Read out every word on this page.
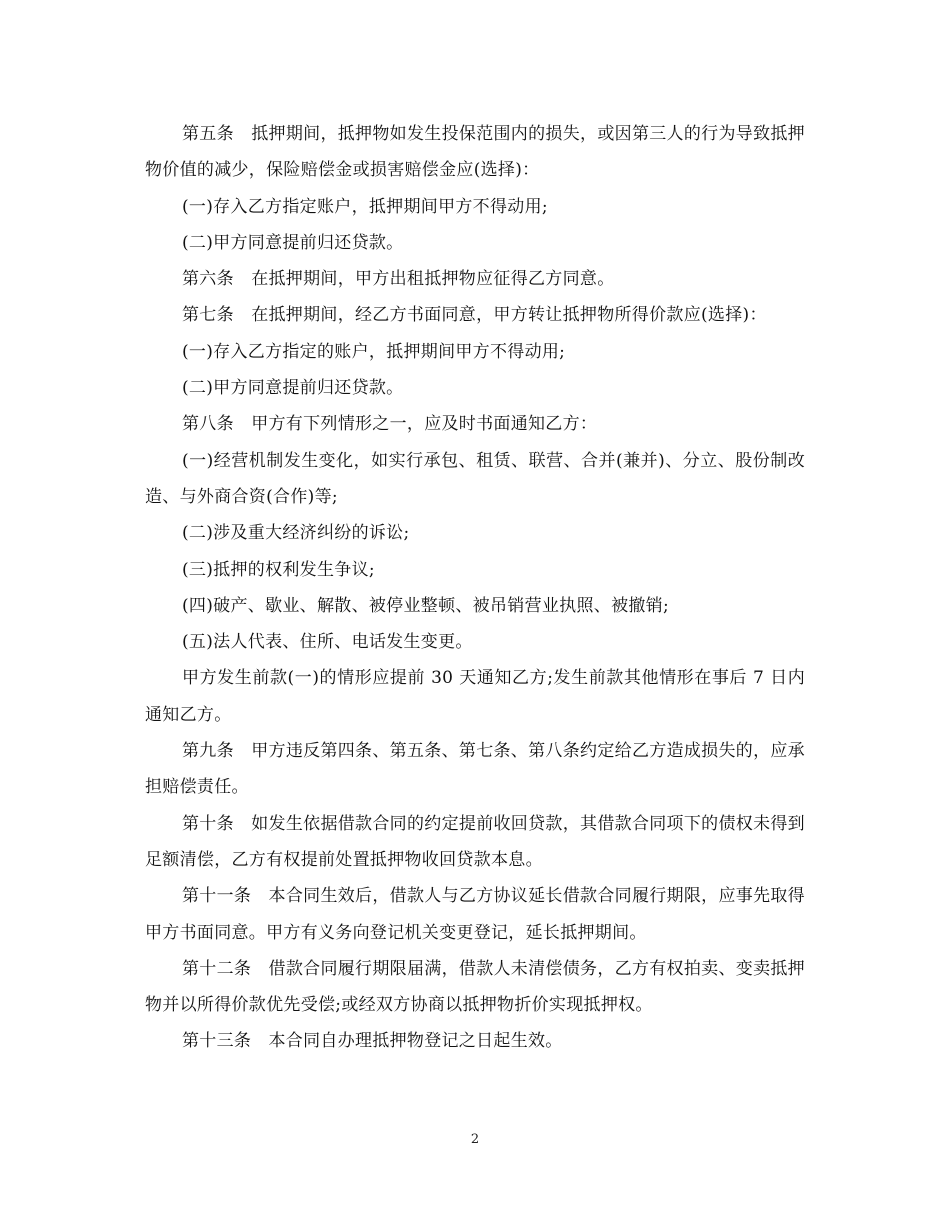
第五条　抵押期间，抵押物如发生投保范围内的损失，或因第三人的行为导致抵押物价值的减少，保险赔偿金或损害赔偿金应(选择)：

(一)存入乙方指定账户，抵押期间甲方不得动用;

(二)甲方同意提前归还贷款。

第六条　在抵押期间，甲方出租抵押物应征得乙方同意。

第七条　在抵押期间，经乙方书面同意，甲方转让抵押物所得价款应(选择)：

(一)存入乙方指定的账户，抵押期间甲方不得动用;

(二)甲方同意提前归还贷款。

第八条　甲方有下列情形之一，应及时书面通知乙方：

(一)经营机制发生变化，如实行承包、租赁、联营、合并(兼并)、分立、股份制改造、与外商合资(合作)等;

(二)涉及重大经济纠纷的诉讼;

(三)抵押的权利发生争议;

(四)破产、歇业、解散、被停业整顿、被吊销营业执照、被撤销;

(五)法人代表、住所、电话发生变更。

甲方发生前款(一)的情形应提前 30 天通知乙方;发生前款其他情形在事后 7 日内通知乙方。

第九条　甲方违反第四条、第五条、第七条、第八条约定给乙方造成损失的，应承担赔偿责任。

第十条　如发生依据借款合同的约定提前收回贷款，其借款合同项下的债权未得到足额清偿，乙方有权提前处置抵押物收回贷款本息。

第十一条　本合同生效后，借款人与乙方协议延长借款合同履行期限，应事先取得甲方书面同意。甲方有义务向登记机关变更登记，延长抵押期间。

第十二条　借款合同履行期限届满，借款人未清偿债务，乙方有权拍卖、变卖抵押物并以所得价款优先受偿;或经双方协商以抵押物折价实现抵押权。

第十三条　本合同自办理抵押物登记之日起生效。

2
